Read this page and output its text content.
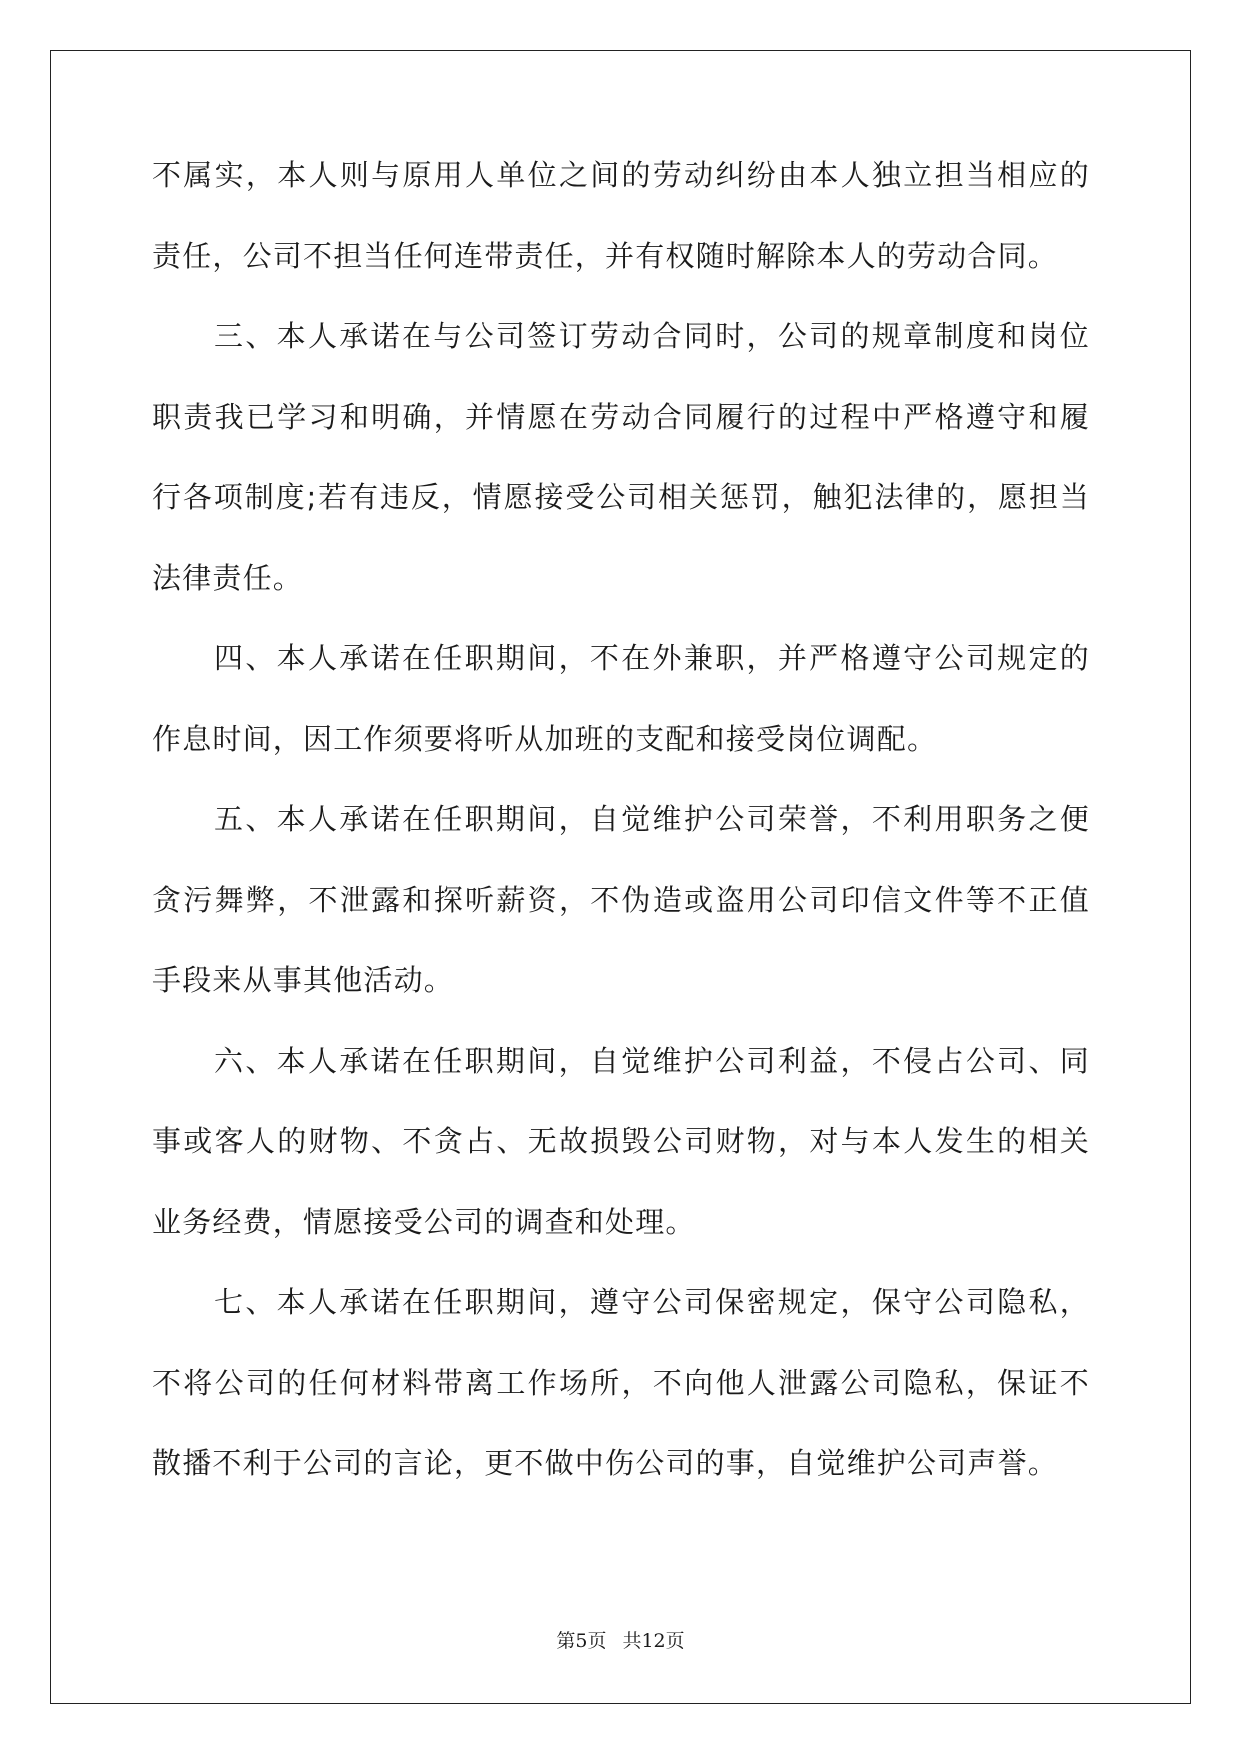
不属实，本人则与原用人单位之间的劳动纠纷由本人独立担当相应的
责任，公司不担当任何连带责任，并有权随时解除本人的劳动合同。
三、本人承诺在与公司签订劳动合同时，公司的规章制度和岗位
职责我已学习和明确，并情愿在劳动合同履行的过程中严格遵守和履
行各项制度;若有违反，情愿接受公司相关惩罚，触犯法律的，愿担当
法律责任。
四、本人承诺在任职期间，不在外兼职，并严格遵守公司规定的
作息时间，因工作须要将听从加班的支配和接受岗位调配。
五、本人承诺在任职期间，自觉维护公司荣誉，不利用职务之便
贪污舞弊，不泄露和探听薪资，不伪造或盗用公司印信文件等不正值
手段来从事其他活动。
六、本人承诺在任职期间，自觉维护公司利益，不侵占公司、同
事或客人的财物、不贪占、无故损毁公司财物，对与本人发生的相关
业务经费，情愿接受公司的调查和处理。
七、本人承诺在任职期间，遵守公司保密规定，保守公司隐私，
不将公司的任何材料带离工作场所，不向他人泄露公司隐私，保证不
散播不利于公司的言论，更不做中伤公司的事，自觉维护公司声誉。
第5页 共12页
